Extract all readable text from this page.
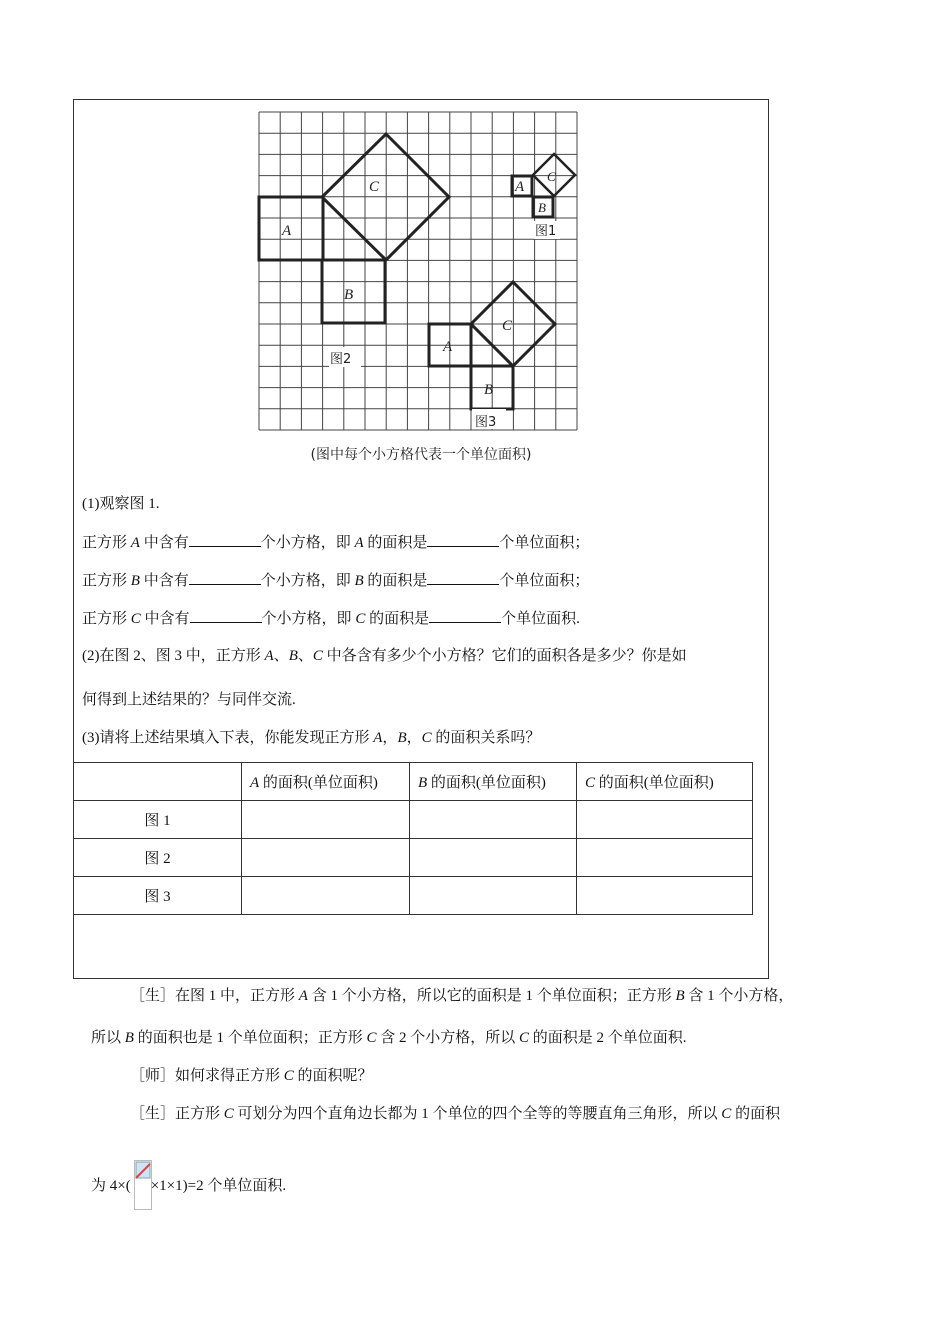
A
B
C
A
B
C
A
B
C
图1
图2
图3
(图中每个小方格代表一个单位面积)
(1)观察图 1.
正方形 A 中含有	个小方格，即 A 的面积是	个单位面积；
正方形 B 中含有	个小方格，即 B 的面积是	个单位面积；
正方形 C 中含有	个小方格，即 C 的面积是	个单位面积.
(2)在图 2、图 3 中，正方形 A、B、C 中各含有多少个小方格？它们的面积各是多少？你是如
何得到上述结果的？与同伴交流.
(3)请将上述结果填入下表，你能发现正方形 A，B，C 的面积关系吗？
	A 的面积(单位面积)	B 的面积(单位面积)	C 的面积(单位面积)
图 1			
图 2			
图 3			
［生］在图 1 中，正方形 A 含 1 个小方格，所以它的面积是 1 个单位面积；正方形 B 含 1 个小方格，
所以 B 的面积也是 1 个单位面积；正方形 C 含 2 个小方格，所以 C 的面积是 2 个单位面积.
［师］如何求得正方形 C 的面积呢？
［生］正方形 C 可划分为四个直角边长都为 1 个单位的四个全等的等腰直角三角形，所以 C 的面积
为 4×( ×1×1)=2 个单位面积.
